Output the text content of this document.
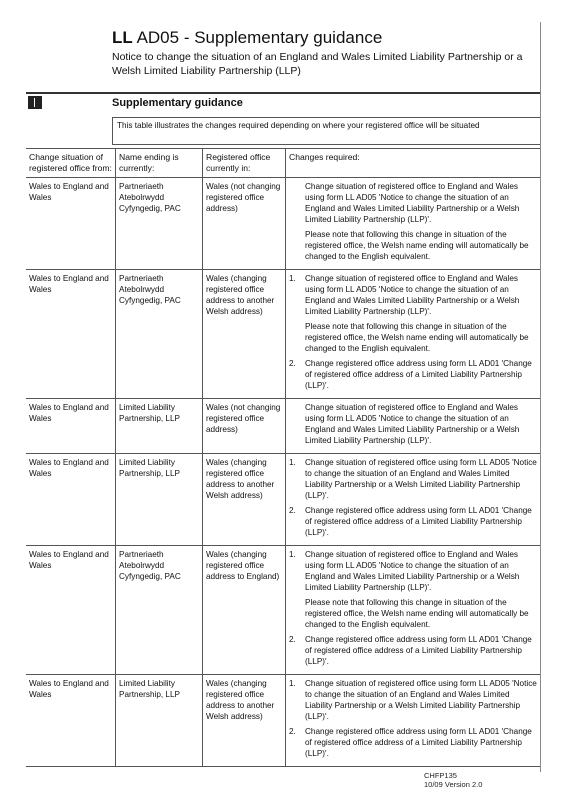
LL AD05 - Supplementary guidance
Notice to change the situation of an England and Wales Limited Liability Partnership or a Welsh Limited Liability Partnership (LLP)
Supplementary guidance
This table illustrates the changes required depending on where your registered office will be situated
Change situation of registered office from:	Name ending is currently:	Registered office currently in:	Changes required:
Wales to England and Wales	Partneriaeth Atebolrwydd Cyfyngedig, PAC	Wales (not changing registered office address)	Change situation of registered office to England and Wales using form LL AD05 'Notice to change the situation of an England and Wales Limited Liability Partnership or a Welsh Limited Liability Partnership (LLP)'.
Please note that following this change in situation of the registered office, the Welsh name ending will automatically be changed to the English equivalent.

Wales to England and Wales	Partneriaeth Atebolrwydd Cyfyngedig, PAC	Wales (changing registered office address to another Welsh address)	1. Change situation of registered office to England and Wales using form LL AD05 'Notice to change the situation of an England and Wales Limited Liability Partnership or a Welsh Limited Liability Partnership (LLP)'.
Please note that following this change in situation of the registered office, the Welsh name ending will automatically be changed to the English equivalent.
2. Change registered office address using form LL AD01 'Change of registered office address of a Limited Liability Partnership (LLP)'.

Wales to England and Wales	Limited Liability Partnership, LLP	Wales (not changing registered office address)	Change situation of registered office to England and Wales using form LL AD05 'Notice to change the situation of an England and Wales Limited Liability Partnership or a Welsh Limited Liability Partnership (LLP)'.

Wales to England and Wales	Limited Liability Partnership, LLP	Wales (changing registered office address to another Welsh address)	1. Change situation of registered office using form LL AD05 'Notice to change the situation of an England and Wales Limited Liability Partnership or a Welsh Limited Liability Partnership (LLP)'.
2. Change registered office address using form LL AD01 'Change of registered office address of a Limited Liability Partnership (LLP)'.

Wales to England and Wales	Partneriaeth Atebolrwydd Cyfyngedig, PAC	Wales (changing registered office address to England)	1. Change situation of registered office to England and Wales using form LL AD05 'Notice to change the situation of an England and Wales Limited Liability Partnership or a Welsh Limited Liability Partnership (LLP)'.
Please note that following this change in situation of the registered office, the Welsh name ending will automatically be changed to the English equivalent.
2. Change registered office address using form LL AD01 'Change of registered office address of a Limited Liability Partnership (LLP)'.

Wales to England and Wales	Limited Liability Partnership, LLP	Wales (changing registered office address to another Welsh address)	1. Change situation of registered office using form LL AD05 'Notice to change the situation of an England and Wales Limited Liability Partnership or a Welsh Limited Liability Partnership (LLP)'.
2. Change registered office address using form LL AD01 'Change of registered office address of a Limited Liability Partnership (LLP)'.
CHFP135
10/09 Version 2.0
